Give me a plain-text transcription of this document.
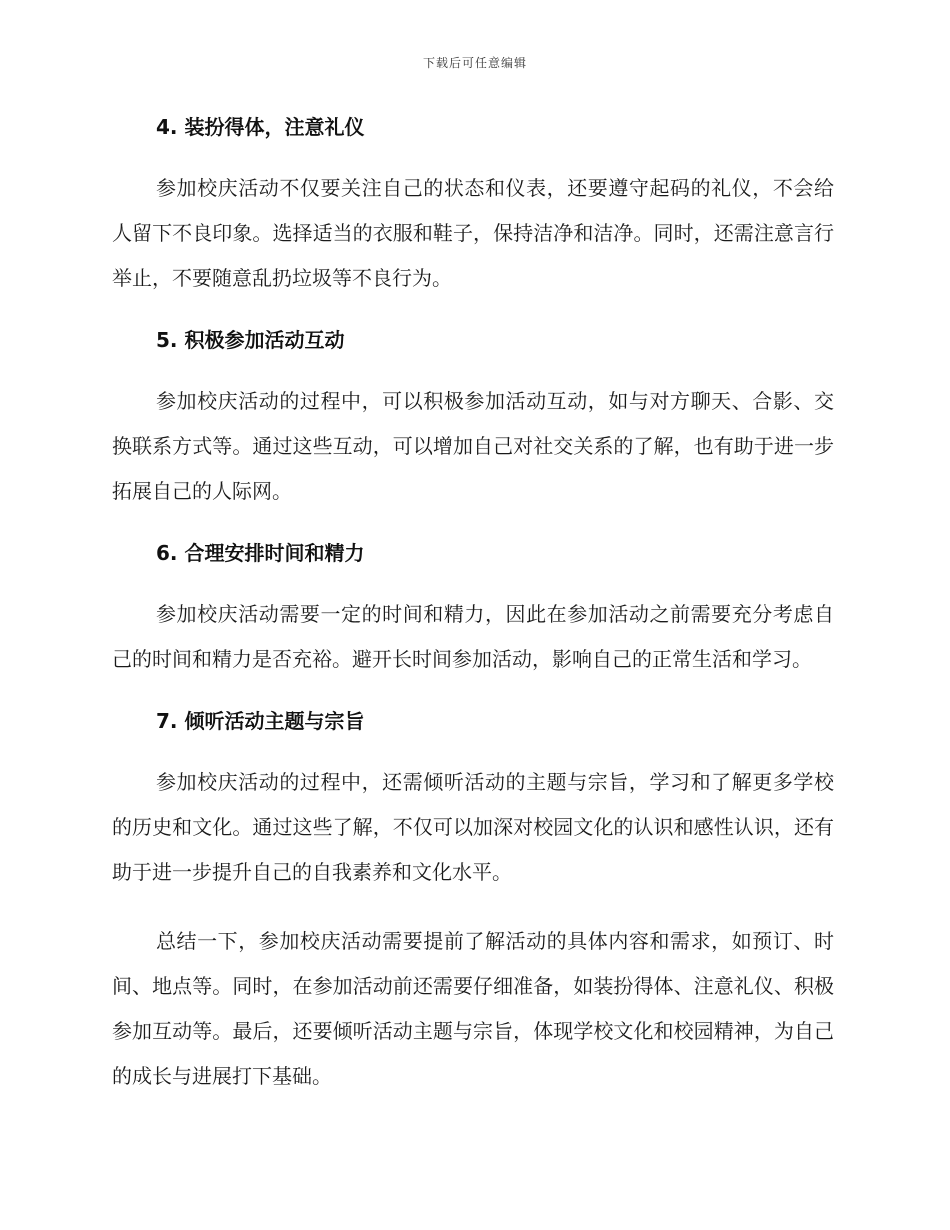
下载后可任意编辑
4. 装扮得体，注意礼仪

参加校庆活动不仅要关注自己的状态和仪表，还要遵守起码的礼仪，不会给人留下不良印象。选择适当的衣服和鞋子，保持洁净和洁净。同时，还需注意言行举止，不要随意乱扔垃圾等不良行为。

5. 积极参加活动互动

参加校庆活动的过程中，可以积极参加活动互动，如与对方聊天、合影、交换联系方式等。通过这些互动，可以增加自己对社交关系的了解，也有助于进一步拓展自己的人际网。

6. 合理安排时间和精力

参加校庆活动需要一定的时间和精力，因此在参加活动之前需要充分考虑自己的时间和精力是否充裕。避开长时间参加活动，影响自己的正常生活和学习。

7. 倾听活动主题与宗旨

参加校庆活动的过程中，还需倾听活动的主题与宗旨，学习和了解更多学校的历史和文化。通过这些了解，不仅可以加深对校园文化的认识和感性认识，还有助于进一步提升自己的自我素养和文化水平。

总结一下，参加校庆活动需要提前了解活动的具体内容和需求，如预订、时间、地点等。同时，在参加活动前还需要仔细准备，如装扮得体、注意礼仪、积极参加互动等。最后，还要倾听活动主题与宗旨，体现学校文化和校园精神，为自己的成长与进展打下基础。
